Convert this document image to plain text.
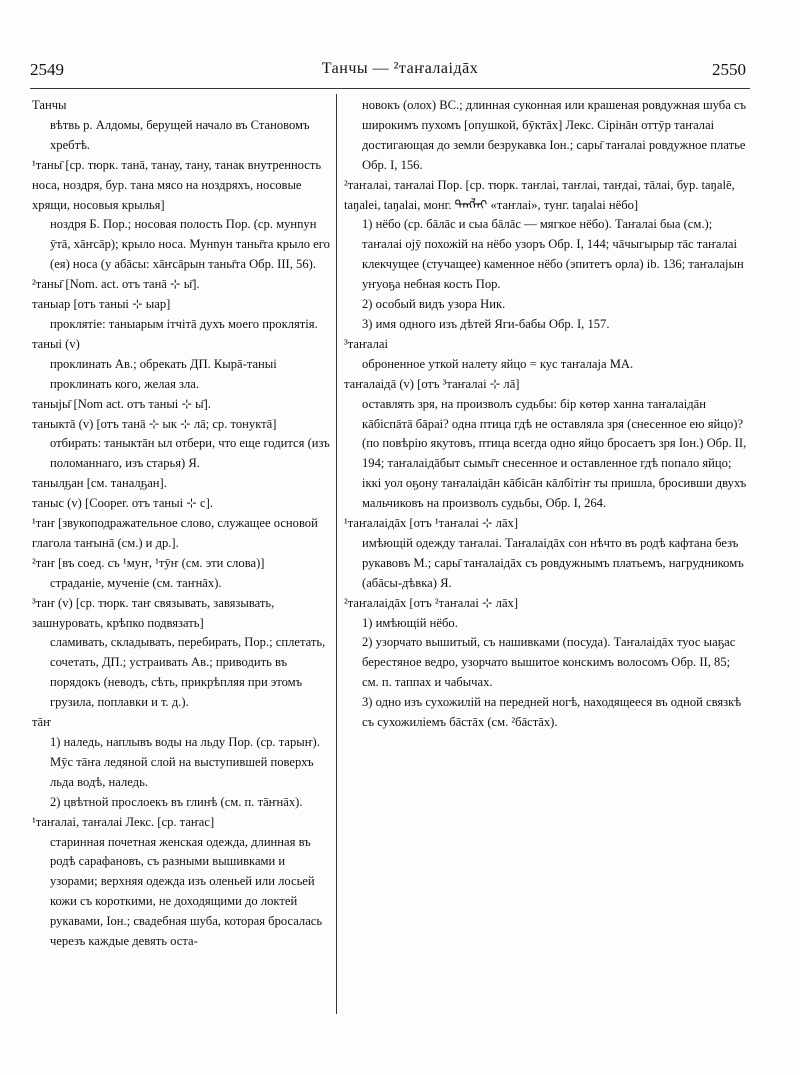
2549	Танчы — ²таҥалаідāх	2550

Танчы

вѣтвь р. Алдомы, берущей начало въ Становомъ хребтѣ.

¹таны̄ [ср. тюрк. танā, танау, тану, танак внутренность носа, ноздря, бур. тана мясо на ноздряхъ, носовые хрящи, носовыя крылья]

ноздря Б. Пор.; носовая полость Пор. (ср. мунnун ӯтā, хāҥсāр); крыло носа. Мунnун таны̄та крыло его (ея) носа (у абāсы: хāҥсāрын таны̄та Обр. III, 56).

²таны̄ [Nom. act. отъ танā ⊹ ы̄].

таныар [отъ таныі ⊹ ыар]

проклятіе: таныарым ітчітā духъ моего проклятія.

таныі (v)

проклинать Ав.; обрекать ДП. Кырā-таныі проклинать кого, желая зла.

таныjы̄ [Nom act. отъ таныі ⊹ ы̄].

таныктā (v) [отъ танā ⊹ ык ⊹ лā; ср. тонуктā]

отбирать: таныктāн ыл отбери, что еще годится (изъ поломаннаго, изъ старья) Я.

таныл̦ҕан [см. танал̦ҕан].

таныс (v) [Cooper. отъ таныі ⊹ с].

¹таҥ [звукоподражательное слово, служащее основой глагола таҥынā (см.) и др.].

²таҥ [въ соед. съ ¹муҥ, ¹тӯҥ (см. эти слова)]

страданіе, мученіе (см. таҥнāх).

³таҥ (v) [ср. тюрк. таҥ связывать, завязывать, зашнуровать, крѣпко подвязать]

сламивать, складывать, перебирать, Пор.; сплетать, сочетать, ДП.; устраивать Ав.; приводить въ порядокъ (неводъ, сѣть, прикрѣпляя при этомъ грузила, поплавки и т. д.).

тāҥ

1) наледь, наплывъ воды на льду Пор. (ср. тарыҥ). Мӯс тāҥа ледяной слой на выступившей поверхъ льда водѣ, наледь.

2) цвѣтной прослоекъ въ глинѣ (см. п. тāҥнāх).

¹таҥалаі, таҥалаі Лекс. [ср. таҥас]

старинная почетная женская одежда, длинная въ родѣ сарафановъ, съ разными вышивками и узорами; верхняя одежда изъ оленьей или лосьей кожи съ короткими, не доходящими до локтей рукавами, Іон.; свадебная шуба, которая бросалась черезъ каждые девять оста-

новокъ (олох) ВС.; длинная суконная или крашеная ровдужная шуба съ широкимъ пухомъ [опушкой, бӯктāх] Лекс. Сірінāн оттӯр таҥалаі достигающая до земли безрукавка Іон.; сары̄ таҥалаі ровдужное платье Обр. I, 156.

²таҥалаі, таҥалаі Пор. [ср. тюрк. таҥлаі, таҥлаі, таҥдаі, тāлаі, бур. taŋalē, taŋalei, taŋalai, монг. ᠲᠠᠩᠯᠠᠢ «таҥлаі», тунг. taŋalai нёбо]

1) нёбо (ср. бāлāс и сыа бāлāс — мягкое нёбо). Таҥалаі быа (см.); таҥалаі оjӯ похожій на нёбо узоръ Обр. I, 144; чāчыгырыр тāс таҥалаі клекчущее (стучащее) каменное нёбо (эпитетъ орла) ib. 136; таҥалаjын уҥуоҕа небная кость Пор.

2) особый видъ узора Ник.

3) имя одного изъ дѣтей Яги-бабы Обр. I, 157.

³таҥалаі

оброненное уткой налету яйцо = кус таҥалаjа МА.

таҥалаідā (v) [отъ ³таҥалаі ⊹ лā]

оставлять зря, на произволъ судьбы: бір көтөр ханна таҥалаідāн кāбіспāтā бāраі? одна птица гдѣ не оставляла зря (снесенное ею яйцо)? (по повѣрію якутовъ, птица всегда одно яйцо бросаетъ зря Іон.) Обр. II, 194; таҥалаідāбыт сымы̄т снесенное и оставленное гдѣ попало яйцо; іккі уол оҕону таҥалаідāн кāбісāн кāлбітiҥ ты пришла, бросивши двухъ мальчиковъ на произволъ судьбы, Обр. I, 264.

¹таҥалаідāх [отъ ¹таҥалаі ⊹ лāх]

имѣющій одежду таҥалаі. Таҥалаідāх сон нѣчто въ родѣ кафтана безъ рукавовъ М.; сары̄ таҥалаідāх съ ровдужнымъ платьемъ, нагрудникомъ (абāсы-дѣвка) Я.

²таҥалаідāх [отъ ²таҥалаі ⊹ лāх]

1) имѣющій нёбо.

2) узорчато вышитый, съ нашивками (посуда). Таҥалаідāх туос ыаҕас берестяное ведро, узорчато вышитое конскимъ волосомъ Обр. II, 85; см. п. таппах и чабычах.

3) одно изъ сухожилій на передней ногѣ, находящееся въ одной связкѣ съ сухожиліемъ бāстāх (см. ²бāстāх).
